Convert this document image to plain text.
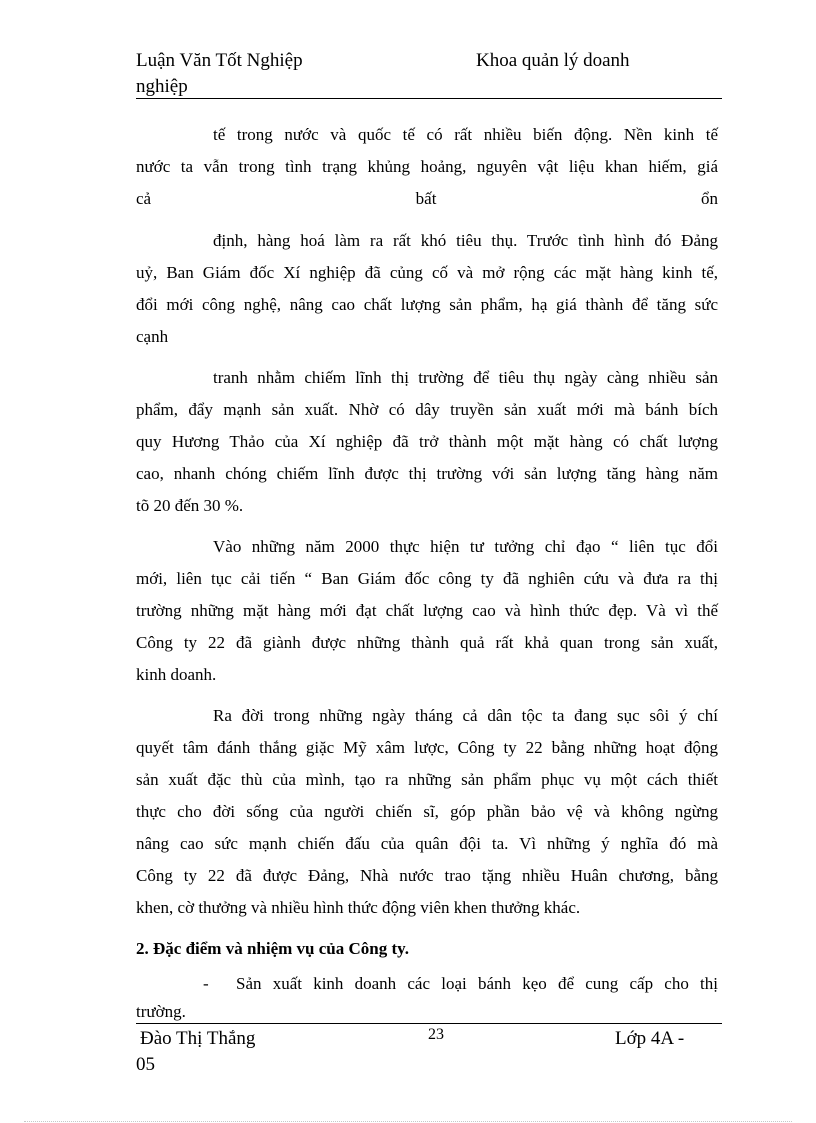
Luận Văn Tốt Nghiệp	Khoa quản lý doanh
nghiệp
tế trong nước và quốc tế có rất nhiều biến động. Nền kinh tế
nước ta vẫn trong tình trạng khủng hoảng, nguyên vật liệu khan hiếm, giá
cả bất ổn
định, hàng hoá làm ra rất khó tiêu thụ. Trước tình hình đó Đảng
uỷ, Ban Giám đốc Xí nghiệp đã củng cố và mở rộng các mặt hàng kinh tế,
đổi mới công nghệ, nâng cao chất lượng sản phẩm, hạ giá thành để tăng sức
cạnh
tranh nhằm chiếm lĩnh thị trường để tiêu thụ ngày càng nhiều sản
phẩm, đẩy mạnh sản xuất. Nhờ có dây truyền sản xuất mới mà bánh bích
quy Hương Thảo của Xí nghiệp đã trở thành một mặt hàng có chất lượng
cao, nhanh chóng chiếm lĩnh được thị trường với sản lượng tăng hàng năm
tõ 20 đến 30 %.
Vào những năm 2000 thực hiện tư tưởng chỉ đạo “ liên tục đổi
mới, liên tục cải tiến “ Ban Giám đốc công ty đã nghiên cứu và đưa ra thị
trường những mặt hàng mới đạt chất lượng cao và hình thức đẹp. Và vì thế
Công ty 22 đã giành được những thành quả rất khả quan trong sản xuất,
kinh doanh.
Ra đời trong những ngày tháng cả dân tộc ta đang sục sôi ý chí
quyết tâm đánh thắng giặc Mỹ xâm lược, Công ty 22 bằng những hoạt động
sản xuất đặc thù của mình, tạo ra những sản phẩm phục vụ một cách thiết
thực cho đời sống của người chiến sĩ, góp phần bảo vệ và không ngừng
nâng cao sức mạnh chiến đấu của quân đội ta. Vì những ý nghĩa đó mà
Công ty 22 đã được Đảng, Nhà nước trao tặng nhiều Huân chương, bằng
khen, cờ thưởng và nhiều hình thức động viên khen thưởng khác.
2. Đặc điểm và nhiệm vụ của Công ty.
- Sản xuất kinh doanh các loại bánh kẹo để cung cấp cho thị
trường.
Đào Thị Thắng	23	Lớp 4A -
05
